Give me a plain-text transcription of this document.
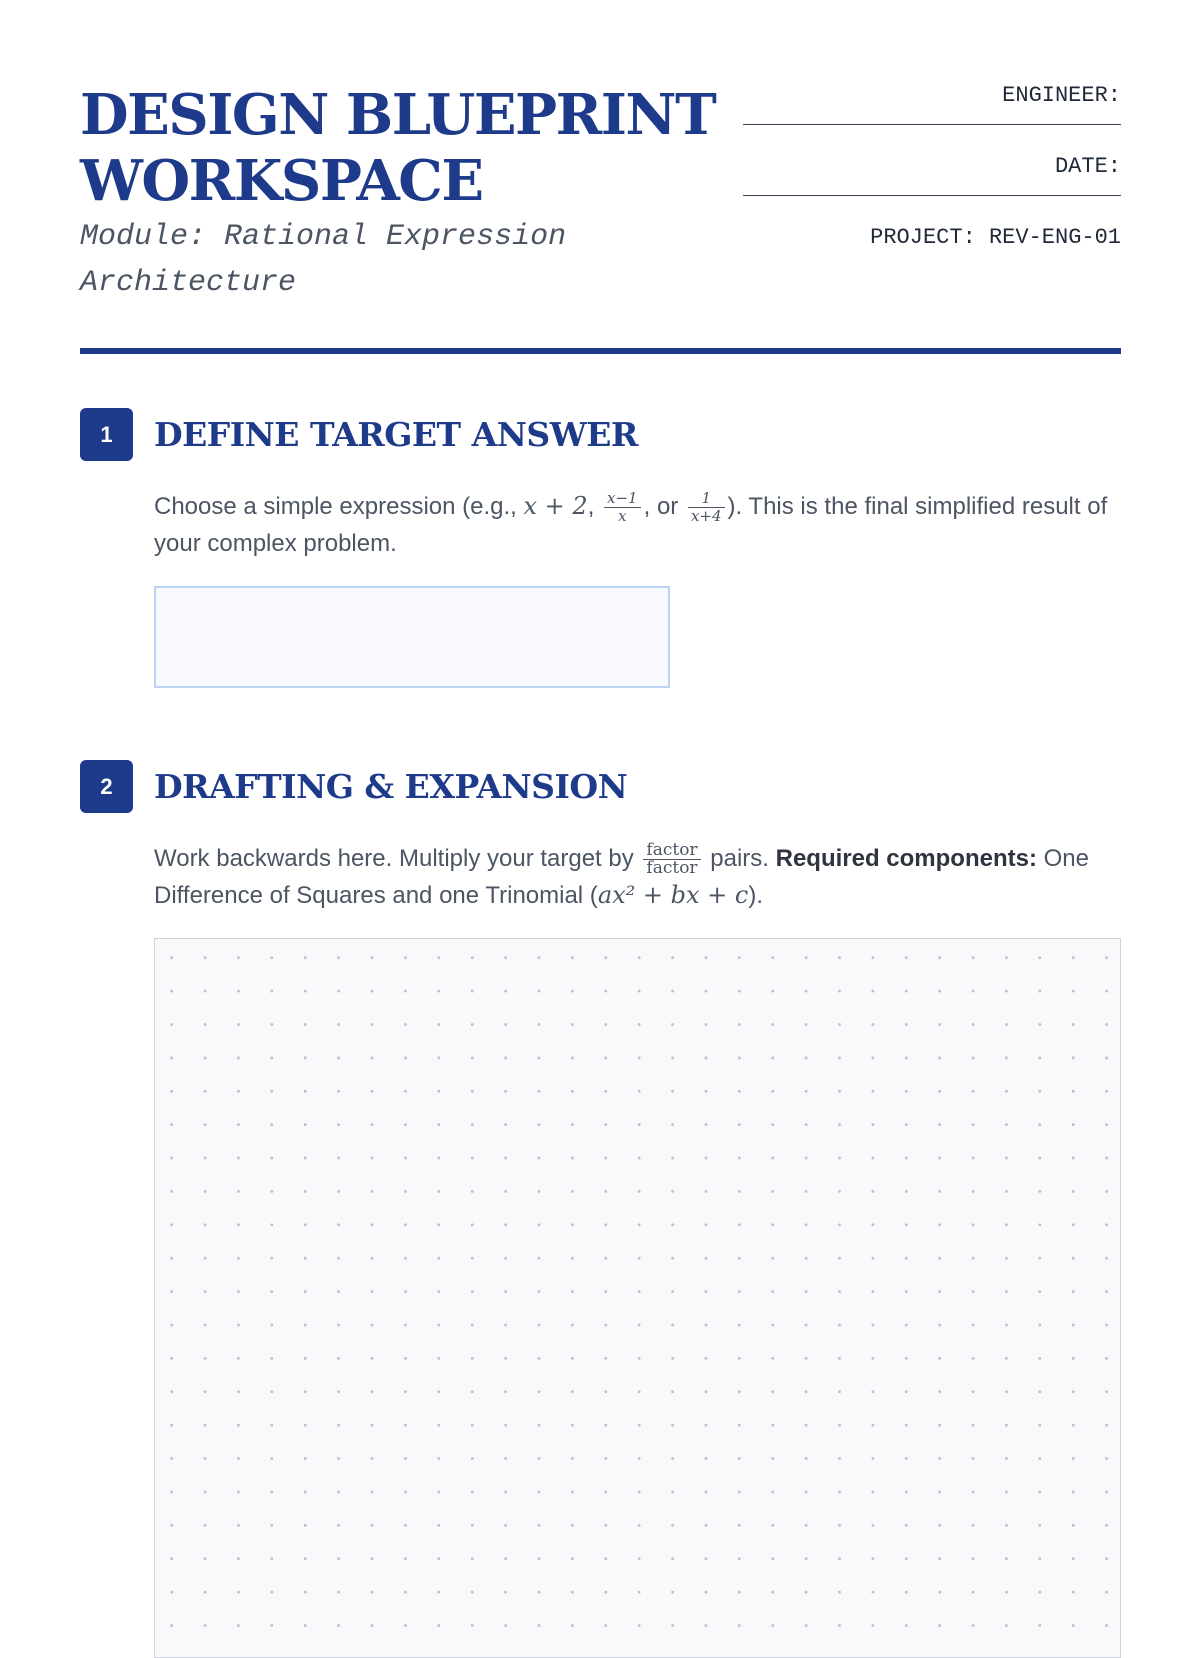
DESIGN BLUEPRINT
WORKSPACE

Module: Rational Expression
Architecture

ENGINEER:
DATE:
PROJECT: REV-ENG-01
1	DEFINE TARGET ANSWER

Choose a simple expression (e.g., x + 2, $\frac{x-1}{x}$ , or $\frac{1}{x+4}$ ). This is the final simplified result of your complex problem.

2	DRAFTING & EXPANSION

Work backwards here. Multiply your target by $\frac{\text{factor}}{\text{factor}}$ pairs. Required components: One Difference of Squares and one Trinomial (ax² + bx + c).
